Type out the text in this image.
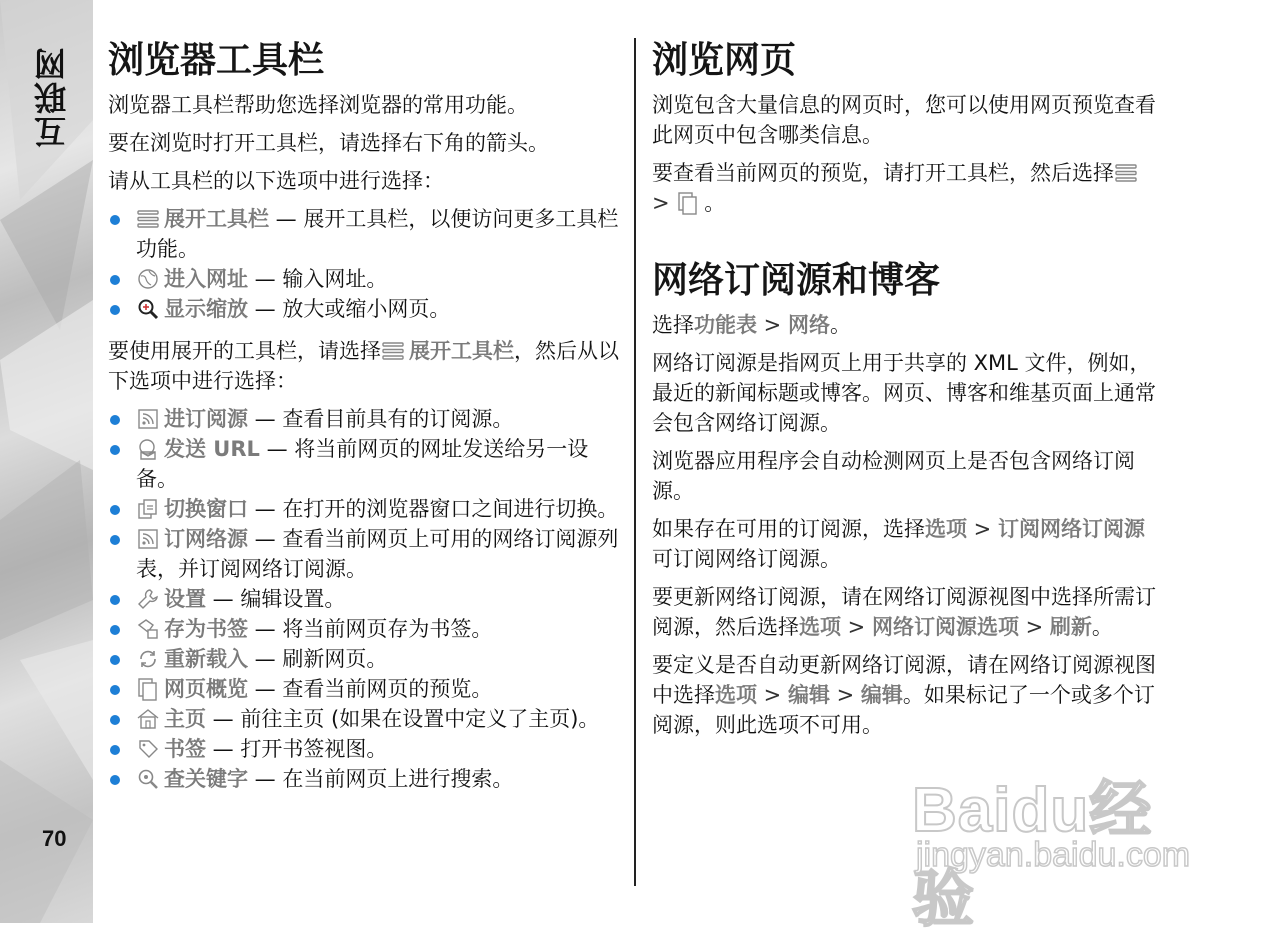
互联网
70
浏览器工具栏

浏览器工具栏帮助您选择浏览器的常用功能。

要在浏览时打开工具栏，请选择右下角的箭头。

请从工具栏的以下选项中进行选择：

展开工具栏 — 展开工具栏，以便访问更多工具栏功能。
进入网址 — 输入网址。
显示缩放 — 放大或缩小网页。

要使用展开的工具栏，请选择 展开工具栏，然后从以下选项中进行选择：

进订阅源 — 查看目前具有的订阅源。
发送 URL — 将当前网页的网址发送给另一设备。
切换窗口 — 在打开的浏览器窗口之间进行切换。
订网络源 — 查看当前网页上可用的网络订阅源列表，并订阅网络订阅源。
设置 — 编辑设置。
存为书签 — 将当前网页存为书签。
重新载入 — 刷新网页。
网页概览 — 查看当前网页的预览。
主页 — 前往主页 (如果在设置中定义了主页)。
书签 — 打开书签视图。
查关键字 — 在当前网页上进行搜索。
浏览网页

浏览包含大量信息的网页时，您可以使用网页预览查看此网页中包含哪类信息。

要查看当前网页的预览，请打开工具栏，然后选择
>
。

网络订阅源和博客

选择功能表 > 网络。

网络订阅源是指网页上用于共享的 XML 文件，例如，最近的新闻标题或博客。网页、博客和维基页面上通常会包含网络订阅源。

浏览器应用程序会自动检测网页上是否包含网络订阅源。

如果存在可用的订阅源，选择选项 > 订阅网络订阅源可订阅网络订阅源。

要更新网络订阅源，请在网络订阅源视图中选择所需订阅源，然后选择选项 > 网络订阅源选项 > 刷新。

要定义是否自动更新网络订阅源，请在网络订阅源视图中选择选项 > 编辑 > 编辑。如果标记了一个或多个订阅源，则此选项不可用。

Baidu经验
jingyan.baidu.com
